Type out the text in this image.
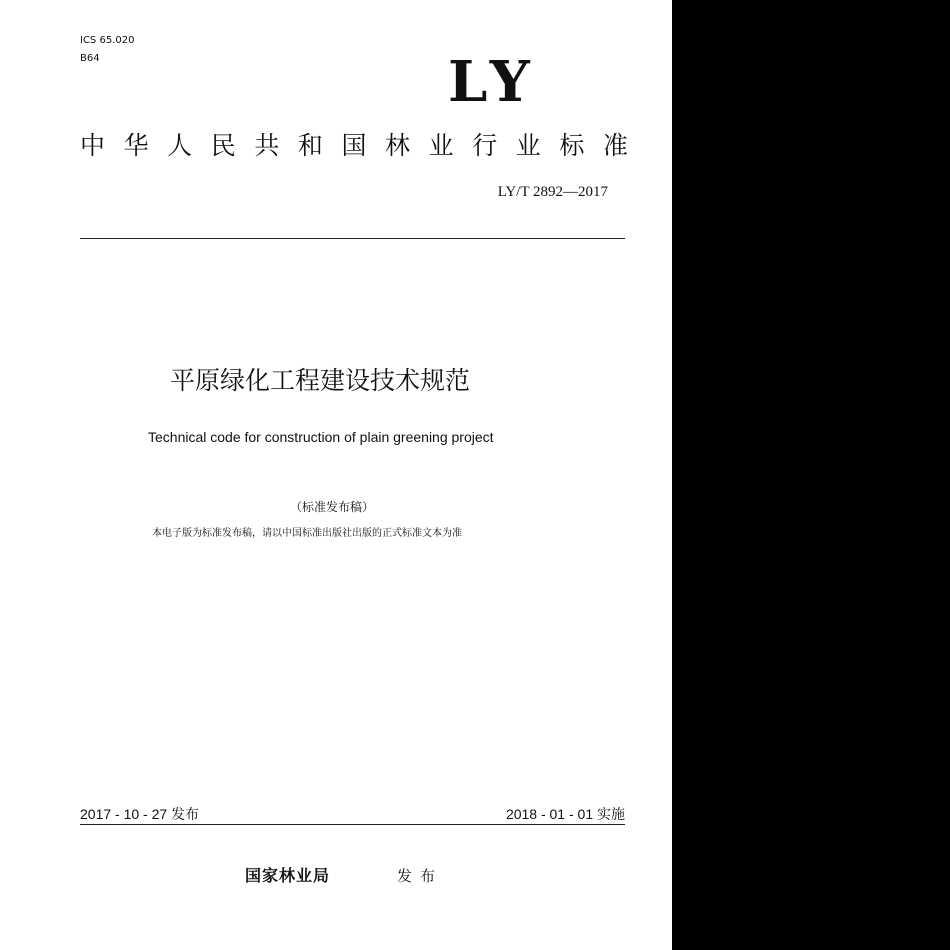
ICS 65.020
B64	LY
中 华 人 民 共 和 国 林 业 行 业 标 准
LY/T 2892—2017
平原绿化工程建设技术规范
Technical code for construction of plain greening project
（标准发布稿）
本电子版为标准发布稿，请以中国标准出版社出版的正式标准文本为准
2017 - 10 - 27 发布	2018 - 01 - 01 实施
国家林业局	发布
